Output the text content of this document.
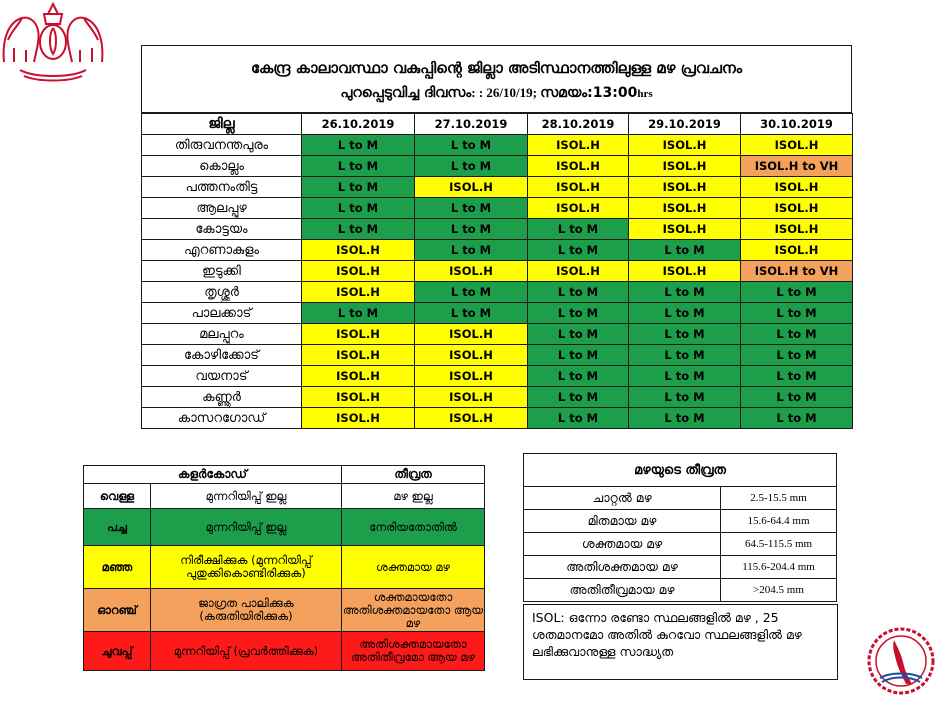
കേന്ദ്ര കാലാവസ്ഥാ വകുപ്പിന്റെ ജില്ലാ അടിസ്ഥാനത്തിലുള്ള മഴ പ്രവചനം
പുറപ്പെടുവിച്ച ദിവസം: : 26/10/19; സമയം:13:00hrs
ജില്ല	26.10.2019	27.10.2019	28.10.2019	29.10.2019	30.10.2019
തിരുവനന്തപുരം	L to M	L to M	ISOL.H	ISOL.H	ISOL.H
കൊല്ലം	L to M	L to M	ISOL.H	ISOL.H	ISOL.H to VH
പത്തനംതിട്ട	L to M	ISOL.H	ISOL.H	ISOL.H	ISOL.H
ആലപ്പുഴ	L to M	L to M	ISOL.H	ISOL.H	ISOL.H
കോട്ടയം	L to M	L to M	L to M	ISOL.H	ISOL.H
എറണാകുളം	ISOL.H	L to M	L to M	L to M	ISOL.H
ഇടുക്കി	ISOL.H	ISOL.H	ISOL.H	ISOL.H	ISOL.H to VH
തൃശ്ശൂർ	ISOL.H	L to M	L to M	L to M	L to M
പാലക്കാട്	L to M	L to M	L to M	L to M	L to M
മലപ്പുറം	ISOL.H	ISOL.H	L to M	L to M	L to M
കോഴിക്കോട്	ISOL.H	ISOL.H	L to M	L to M	L to M
വയനാട്	ISOL.H	ISOL.H	L to M	L to M	L to M
കണ്ണൂർ	ISOL.H	ISOL.H	L to M	L to M	L to M
കാസറഗോഡ്	ISOL.H	ISOL.H	L to M	L to M	L to M
കളർകോഡ്		തീവ്രത
വെള്ള	മുന്നറിയിപ്പ് ഇല്ല	മഴ ഇല്ല
പച്ച	മുന്നറിയിപ്പ് ഇല്ല	നേരിയതോതിൽ
മഞ്ഞ	നിരീക്ഷിക്കുക (മുന്നറിയിപ്പ് പുതുക്കികൊണ്ടിരിക്കുക)	ശക്തമായ മഴ
ഓറഞ്ച്	ജാഗ്രത പാലിക്കുക (കരുതിയിരിക്കുക)	ശക്തമായതോ അതിശക്തമായതോ ആയ മഴ
ചുവപ്പ്	മുന്നറിയിപ്പ് (പ്രവർത്തിക്കുക)	അതിശക്തമായതോ അതിതീവ്രമോ ആയ മഴ
മഴയുടെ തീവ്രത	
ചാറ്റൽ മഴ	2.5-15.5 mm
മിതമായ മഴ	15.6-64.4 mm
ശക്തമായ മഴ	64.5-115.5 mm
അതിശക്തമായ മഴ	115.6-204.4 mm
അതിതീവ്രമായ മഴ	>204.5 mm
ISOL: ഒന്നോ രണ്ടോ സ്ഥലങ്ങളിൽ മഴ , 25 ശതമാനമോ അതിൽ കുറവോ സ്ഥലങ്ങളിൽ മഴ ലഭിക്കുവാനുള്ള സാദ്ധ്യത
